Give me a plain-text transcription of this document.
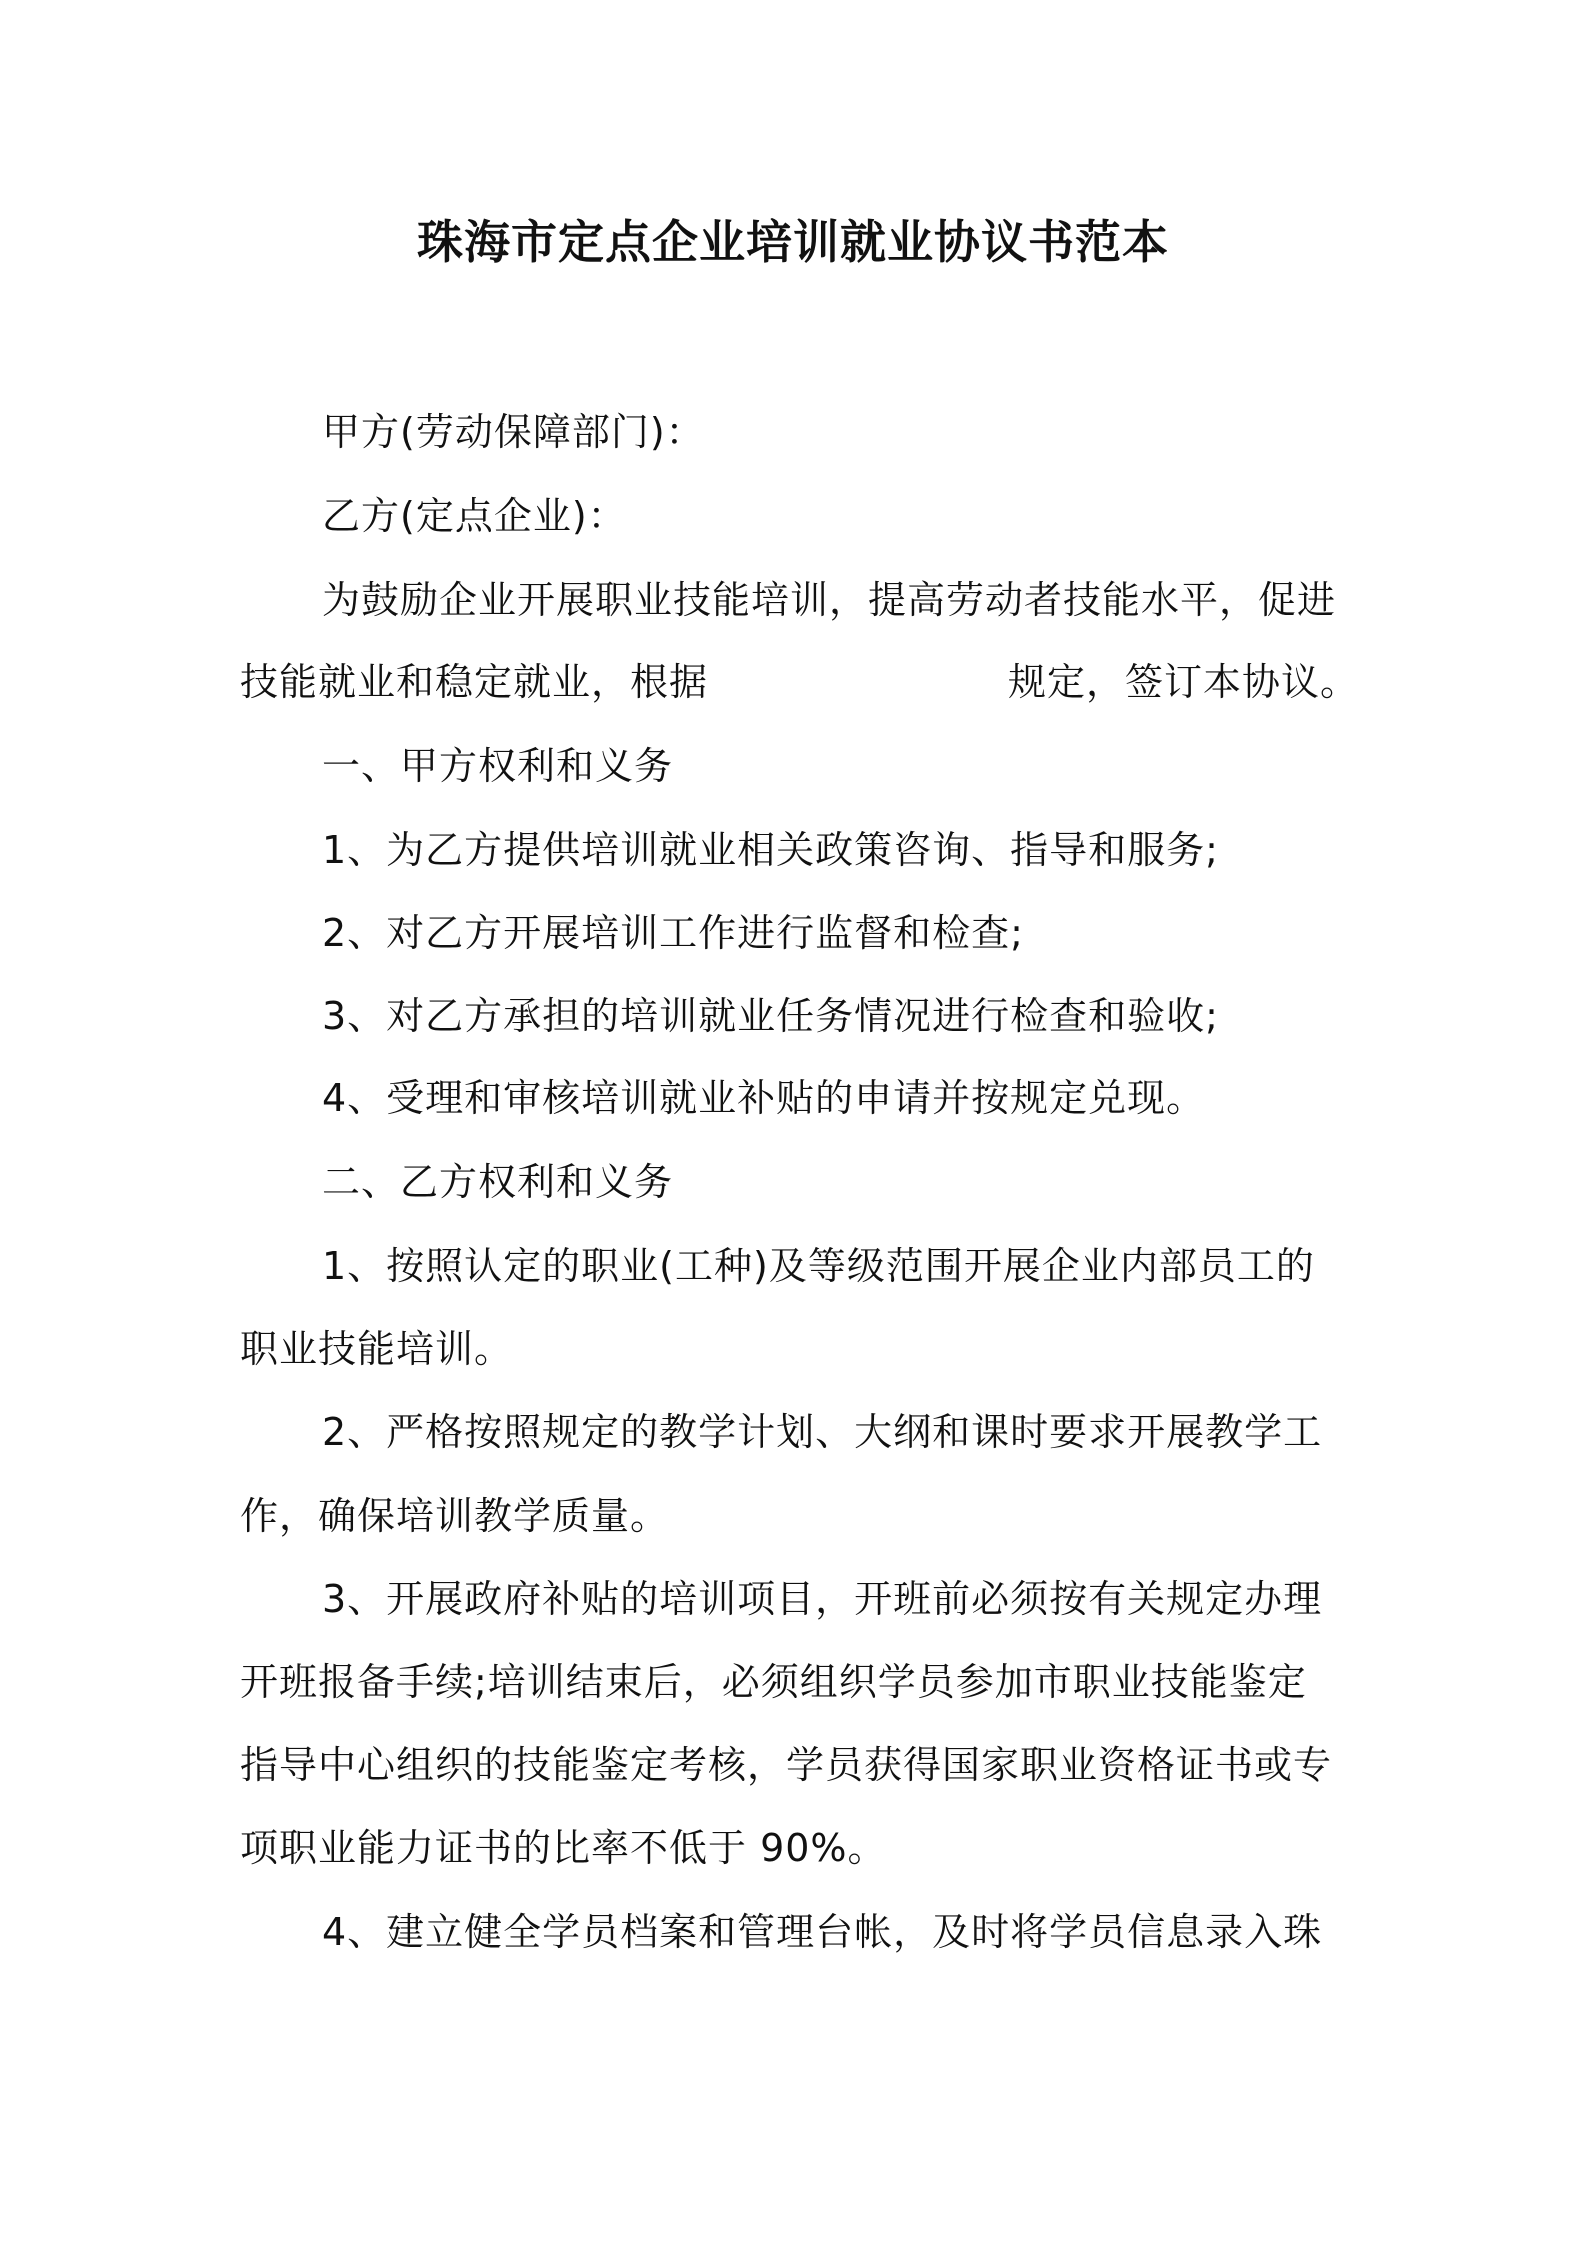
珠海市定点企业培训就业协议书范本
甲方(劳动保障部门)：
乙方(定点企业)：
为鼓励企业开展职业技能培训，提高劳动者技能水平，促进
技能就业和稳定就业，根据	规定，签订本协议。
一、甲方权利和义务
1、为乙方提供培训就业相关政策咨询、指导和服务;
2、对乙方开展培训工作进行监督和检查;
3、对乙方承担的培训就业任务情况进行检查和验收;
4、受理和审核培训就业补贴的申请并按规定兑现。
二、乙方权利和义务
1、按照认定的职业(工种)及等级范围开展企业内部员工的
职业技能培训。
2、严格按照规定的教学计划、大纲和课时要求开展教学工
作，确保培训教学质量。
3、开展政府补贴的培训项目，开班前必须按有关规定办理
开班报备手续;培训结束后，必须组织学员参加市职业技能鉴定
指导中心组织的技能鉴定考核，学员获得国家职业资格证书或专
项职业能力证书的比率不低于 90%。
4、建立健全学员档案和管理台帐，及时将学员信息录入珠
